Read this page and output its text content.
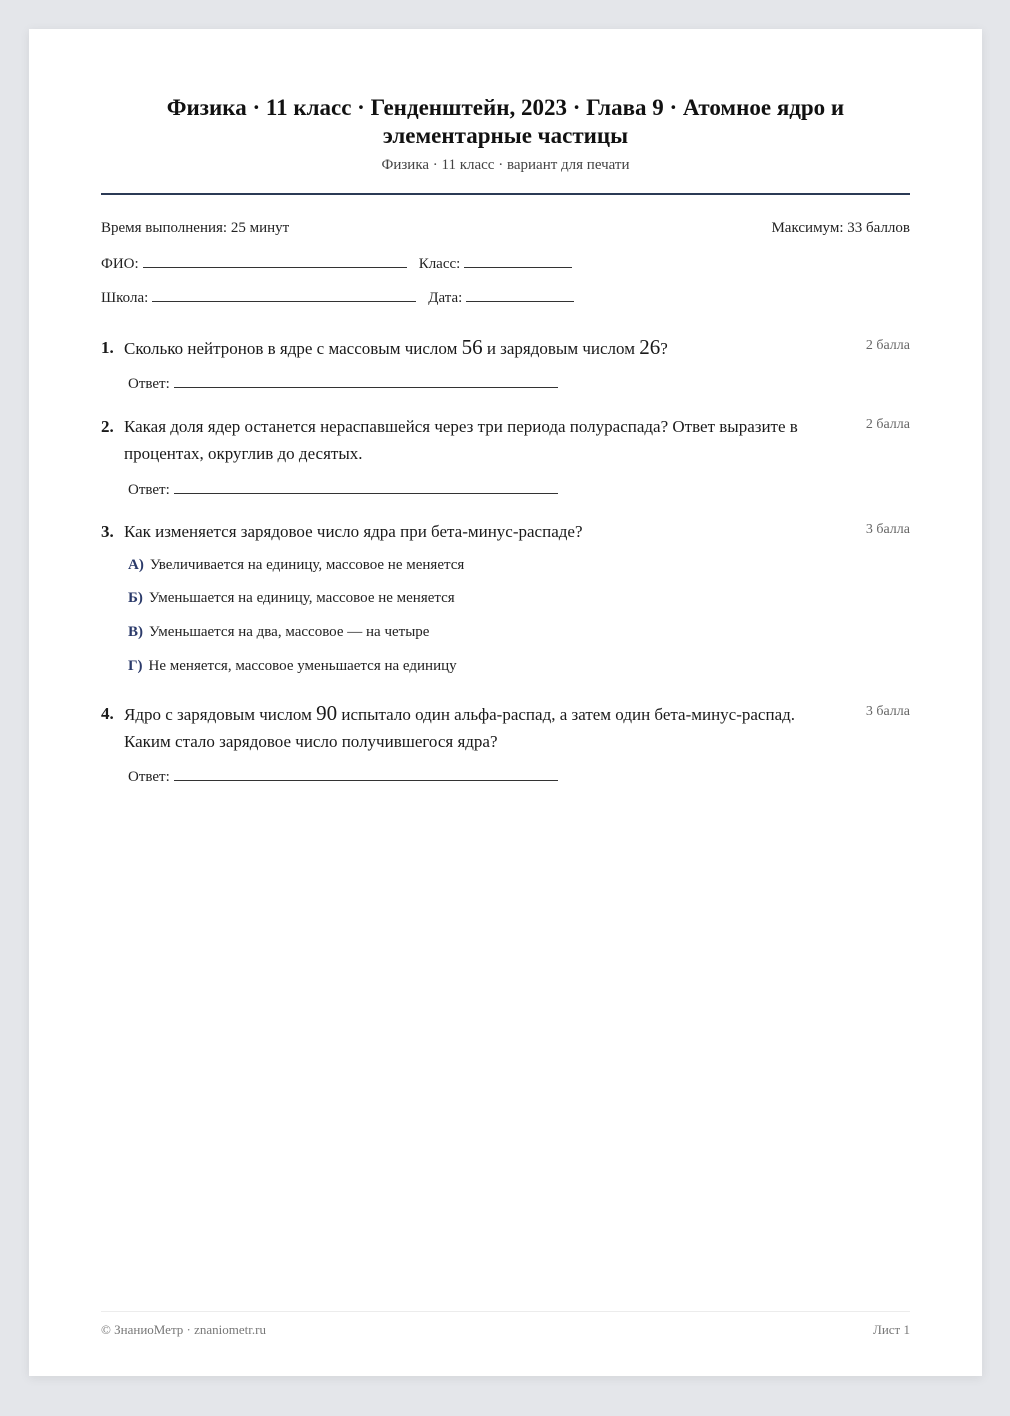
Физика · 11 класс · Генденштейн, 2023 · Глава 9 · Атомное ядро и элементарные частицы
Физика · 11 класс · вариант для печати
Время выполнения: 25 минут	Максимум: 33 баллов
ФИО:	Класс:
Школа:	Дата:
1. Сколько нейтронов в ядре с массовым числом 56 и зарядовым числом 26?	2 балла
Ответ:
2. Какая доля ядер останется нераспавшейся через три периода полураспада? Ответ выразите в процентах, округлив до десятых.
2 балла
Ответ:
3. Как изменяется зарядовое число ядра при бета-минус-распаде?	3 балла
А) Увеличивается на единицу, массовое не меняется
Б) Уменьшается на единицу, массовое не меняется
В) Уменьшается на два, массовое — на четыре
Г) Не меняется, массовое уменьшается на единицу
4. Ядро с зарядовым числом 90 испытало один альфа-распад, а затем один бета-минус-распад. Каким стало зарядовое число получившегося ядра?
3 балла
Ответ:
© ЗнаниоМетр · znaniometr.ru	Лист 1
